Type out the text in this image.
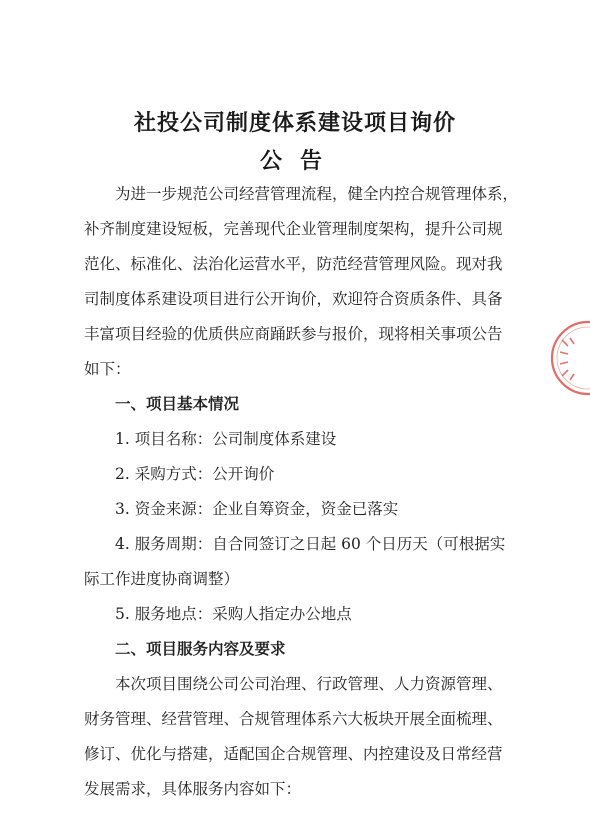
社投公司制度体系建设项目询价
公告
为进一步规范公司经营管理流程，健全内控合规管理体系，
补齐制度建设短板，完善现代企业管理制度架构，提升公司规
范化、标准化、法治化运营水平，防范经营管理风险。现对我
司制度体系建设项目进行公开询价，欢迎符合资质条件、具备
丰富项目经验的优质供应商踊跃参与报价，现将相关事项公告
如下：
一、项目基本情况
1. 项目名称：公司制度体系建设
2. 采购方式：公开询价
3. 资金来源：企业自筹资金，资金已落实
4. 服务周期：自合同签订之日起 60 个日历天（可根据实
际工作进度协商调整）
5. 服务地点：采购人指定办公地点
二、项目服务内容及要求
本次项目围绕公司公司治理、行政管理、人力资源管理、
财务管理、经营管理、合规管理体系六大板块开展全面梳理、
修订、优化与搭建，适配国企合规管理、内控建设及日常经营
发展需求，具体服务内容如下：
